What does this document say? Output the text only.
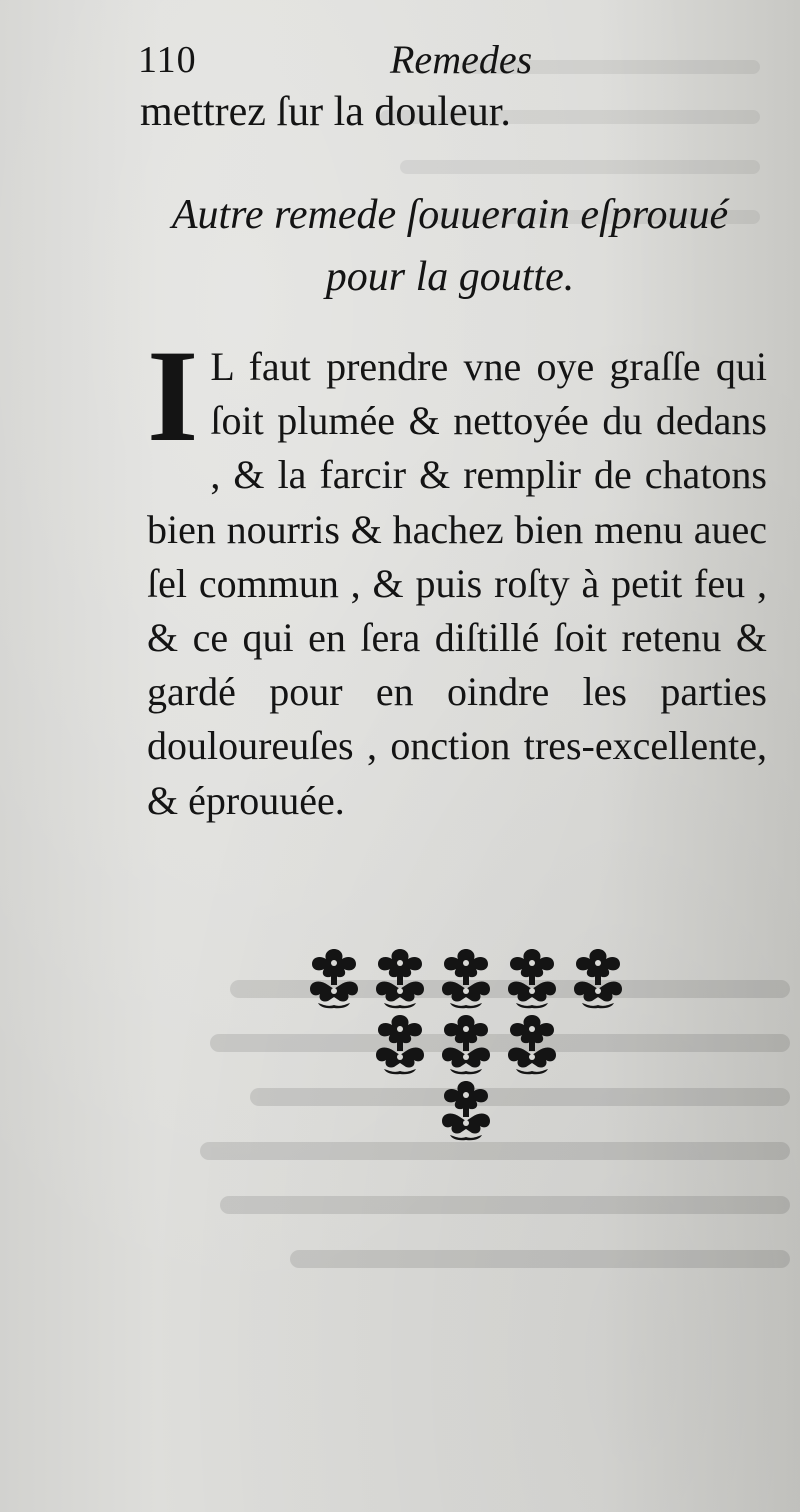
110	Remedes
mettrez ſur la douleur.
Autre remede ſouuerain eſprouué
pour la goutte.
I L faut prendre vne oye graſſe qui ſoit plumée & nettoyée du dedans , & la farcir & remplir de chatons bien nourris & hachez bien menu auec ſel commun , & puis roſty à petit feu , & ce qui en ſera diſtillé ſoit retenu & gardé pour en oindre les parties douloureuſes , onction tres-excellente, & éprouuée.
